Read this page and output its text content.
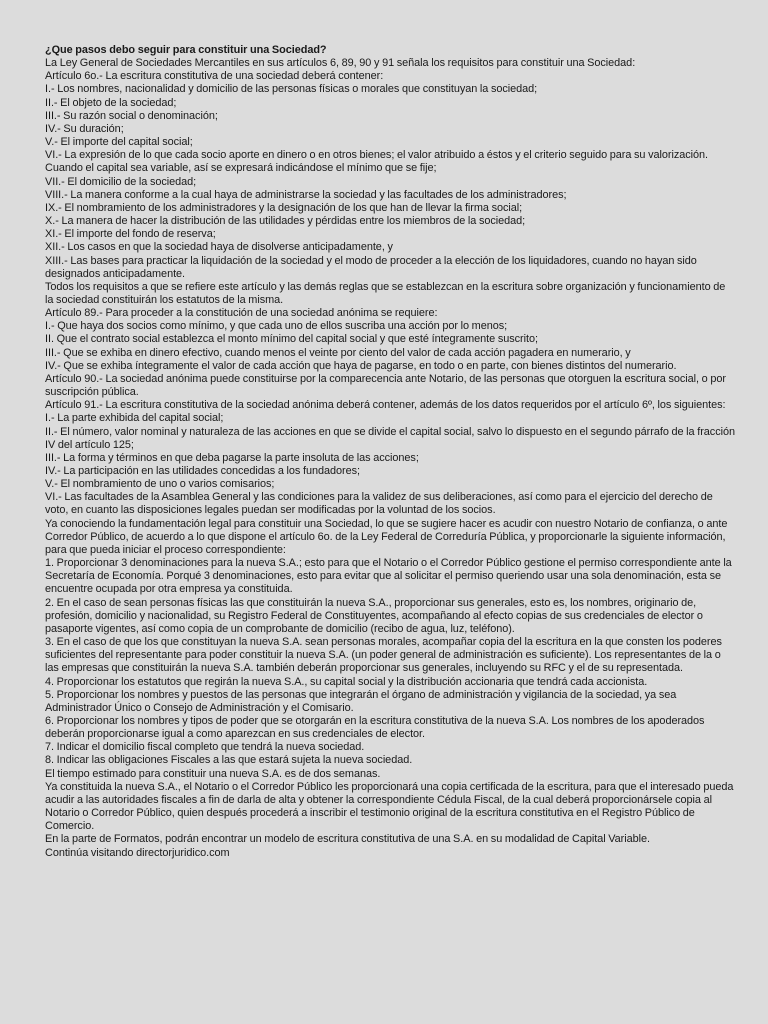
¿Que pasos debo seguir para constituir una Sociedad?

La Ley General de Sociedades Mercantiles en sus artículos 6, 89, 90 y 91 señala los requisitos para constituir una Sociedad:

Artículo 6o.- La escritura constitutiva de una sociedad deberá contener:

I.- Los nombres, nacionalidad y domicilio de las personas físicas o morales que constituyan la sociedad;

II.- El objeto de la sociedad;

III.- Su razón social o denominación;

IV.- Su duración;

V.- El importe del capital social;

VI.- La expresión de lo que cada socio aporte en dinero o en otros bienes; el valor atribuido a éstos y el criterio seguido para su valorización.

Cuando el capital sea variable, así se expresará indicándose el mínimo que se fije;

VII.- El domicilio de la sociedad;

VIII.- La manera conforme a la cual haya de administrarse la sociedad y las facultades de los administradores;

IX.- El nombramiento de los administradores y la designación de los que han de llevar la firma social;

X.- La manera de hacer la distribución de las utilidades y pérdidas entre los miembros de la sociedad;

XI.- El importe del fondo de reserva;

XII.- Los casos en que la sociedad haya de disolverse anticipadamente, y

XIII.- Las bases para practicar la liquidación de la sociedad y el modo de proceder a la elección de los liquidadores, cuando no hayan sido designados anticipadamente.

Todos los requisitos a que se refiere este artículo y las demás reglas que se establezcan en la escritura sobre organización y funcionamiento de la sociedad constituirán los estatutos de la misma.

Artículo 89.- Para proceder a la constitución de una sociedad anónima se requiere:

I.- Que haya dos socios como mínimo, y que cada uno de ellos suscriba una acción por lo menos;

II. Que el contrato social establezca el monto mínimo del capital social y que esté íntegramente suscrito;

III.- Que se exhiba en dinero efectivo, cuando menos el veinte por ciento del valor de cada acción pagadera en numerario, y

IV.- Que se exhiba íntegramente el valor de cada acción que haya de pagarse, en todo o en parte, con bienes distintos del numerario.

Artículo 90.- La sociedad anónima puede constituirse por la comparecencia ante Notario, de las personas que otorguen la escritura social, o por suscripción pública.

Artículo 91.- La escritura constitutiva de la sociedad anónima deberá contener, además de los datos requeridos por el artículo 6º, los siguientes:

I.- La parte exhibida del capital social;

II.- El número, valor nominal y naturaleza de las acciones en que se divide el capital social, salvo lo dispuesto en el segundo párrafo de la fracción IV del artículo 125;

III.- La forma y términos en que deba pagarse la parte insoluta de las acciones;

IV.- La participación en las utilidades concedidas a los fundadores;

V.- El nombramiento de uno o varios comisarios;

VI.- Las facultades de la Asamblea General y las condiciones para la validez de sus deliberaciones, así como para el ejercicio del derecho de voto, en cuanto las disposiciones legales puedan ser modificadas por la voluntad de los socios.

Ya conociendo la fundamentación legal para constituir una Sociedad, lo que se sugiere hacer es acudir con nuestro Notario de confianza, o ante Corredor Público, de acuerdo a lo que dispone el artículo 6o. de la Ley Federal de Correduría Pública, y proporcionarle la siguiente información, para que pueda iniciar el proceso correspondiente:

1. Proporcionar 3 denominaciones para la nueva S.A.; esto para que el Notario o el Corredor Público gestione el permiso correspondiente ante la Secretaría de Economía. Porqué 3 denominaciones, esto para evitar que al solicitar el permiso queriendo usar una sola denominación, esta se encuentre ocupada por otra empresa ya constituida.

2. En el caso de sean personas físicas las que constituirán la nueva S.A., proporcionar sus generales, esto es, los nombres, originario de, profesión, domicilio y nacionalidad, su Registro Federal de Constituyentes, acompañando al efecto copias de sus credenciales de elector o pasaporte vigentes, así como copia de un comprobante de domicilio (recibo de agua, luz, teléfono).

3. En el caso de que los que constituyan la nueva S.A. sean personas morales, acompañar copia del la escritura en la que consten los poderes suficientes del representante para poder constituir la nueva S.A. (un poder general de administración es suficiente). Los representantes de la o las empresas que constituirán la nueva S.A. también deberán proporcionar sus generales, incluyendo su RFC y el de su representada.

4. Proporcionar los estatutos que regirán la nueva S.A., su capital social y la distribución accionaria que tendrá cada accionista.

5. Proporcionar los nombres y puestos de las personas que integrarán el órgano de administración y vigilancia de la sociedad, ya sea Administrador Único o Consejo de Administración y el Comisario.

6. Proporcionar los nombres y tipos de poder que se otorgarán en la escritura constitutiva de la nueva S.A. Los nombres de los apoderados deberán proporcionarse igual a como aparezcan en sus credenciales de elector.

7. Indicar el domicilio fiscal completo que tendrá la nueva sociedad.

8. Indicar las obligaciones Fiscales a las que estará sujeta la nueva sociedad.

El tiempo estimado para constituir una nueva S.A. es de dos semanas.

Ya constituida la nueva S.A., el Notario o el Corredor Público les proporcionará una copia certificada de la escritura, para que el interesado pueda acudir a las autoridades fiscales a fin de darla de alta y obtener la correspondiente Cédula Fiscal, de la cual deberá proporcionársele copia al Notario o Corredor Público, quien después procederá a inscribir el testimonio original de la escritura constitutiva en el Registro Público de Comercio.

En la parte de Formatos, podrán encontrar un modelo de escritura constitutiva de una S.A. en su modalidad de Capital Variable.

Continúa visitando directorjuridico.com
